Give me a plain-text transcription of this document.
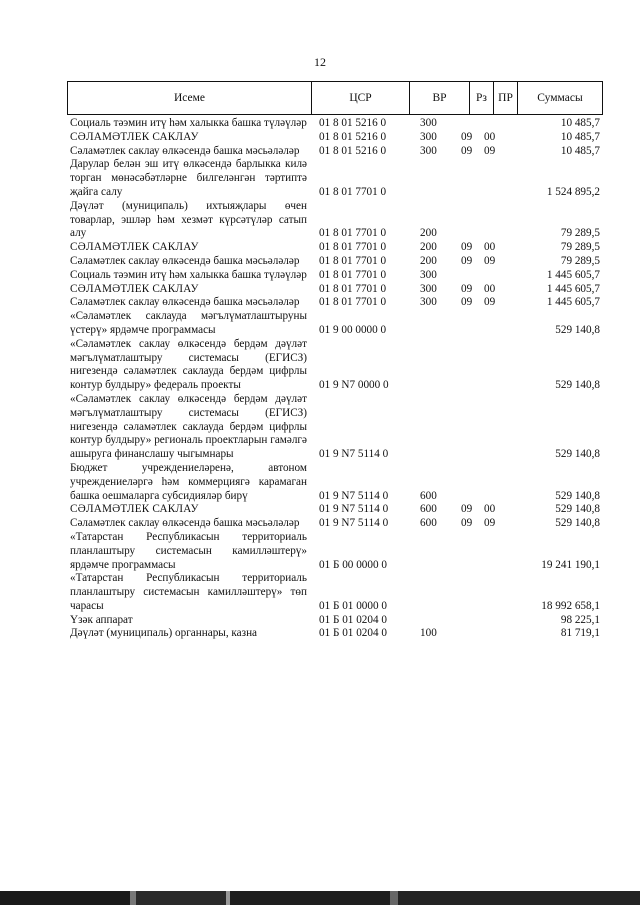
12
Исеме	ЦСР	ВР	Рз ПР	Суммасы
Социаль тәэмин итү һәм халыкка башка түләүләр 01 8 01 5216 0	300	10 485,7
СӘЛАМӘТЛЕК САКЛАУ	01 8 01 5216 0	300 09 00	10 485,7
Сәламәтлек саклау өлкәсендә башка мәсьәләләр	01 8 01 5216 0	300 09 09	10 485,7
Дарулар белән эш итү өлкәсендә барлыкка килә торган мөнәсәбәтләрне билгеләнгән тәртиптә җайга салу	01 8 01 7701 0	1 524 895,2
Дәүләт (муниципаль) ихтыяҗлары өчен товарлар, эшләр һәм хезмәт күрсәтүләр сатып алу	01 8 01 7701 0	200	79 289,5
СӘЛАМӘТЛЕК САКЛАУ	01 8 01 7701 0	200 09 00	79 289,5
Сәламәтлек саклау өлкәсендә башка мәсьәләләр	01 8 01 7701 0	200 09 09	79 289,5
Социаль тәэмин итү һәм халыкка башка түләүләр 01 8 01 7701 0	300	1 445 605,7
СӘЛАМӘТЛЕК САКЛАУ	01 8 01 7701 0	300 09 00	1 445 605,7
Сәламәтлек саклау өлкәсендә башка мәсьәләләр	01 8 01 7701 0	300 09 09	1 445 605,7
«Сәламәтлек саклауда мәгълүматлаштыруны үстерү» ярдәмче программасы	01 9 00 0000 0	529 140,8
«Сәламәтлек саклау өлкәсендә бердәм дәүләт мәгълүматлаштыру системасы (ЕГИСЗ) нигезендә сәламәтлек саклауда бердәм цифрлы контур булдыру» федераль проекты	01 9 N7 0000 0	529 140,8
«Сәламәтлек саклау өлкәсендә бердәм дәүләт мәгълүматлаштыру системасы (ЕГИСЗ) нигезендә сәламәтлек саклауда бердәм цифрлы контур булдыру» региональ проектларын гамәлгә ашыруга финанслашу чыгымнары	01 9 N7 5114 0	529 140,8
Бюджет учреждениеләренә, автоном учреждениеләргә һәм коммерциягә карамаган башка оешмаларга субсидияләр бирү	01 9 N7 5114 0	600	529 140,8
СӘЛАМӘТЛЕК САКЛАУ	01 9 N7 5114 0	600 09 00	529 140,8
Сәламәтлек саклау өлкәсендә башка мәсьәләләр	01 9 N7 5114 0	600 09 09	529 140,8
«Татарстан Республикасын территориаль планлаштыру системасын камилләштерү» ярдәмче программасы	01 Б 00 0000 0	19 241 190,1
«Татарстан Республикасын территориаль планлаштыру системасын камилләштерү» төп чарасы	01 Б 01 0000 0	18 992 658,1
Үзәк аппарат	01 Б 01 0204 0	98 225,1
Дәүләт (муниципаль) органнары, казна	01 Б 01 0204 0	100	81 719,1
